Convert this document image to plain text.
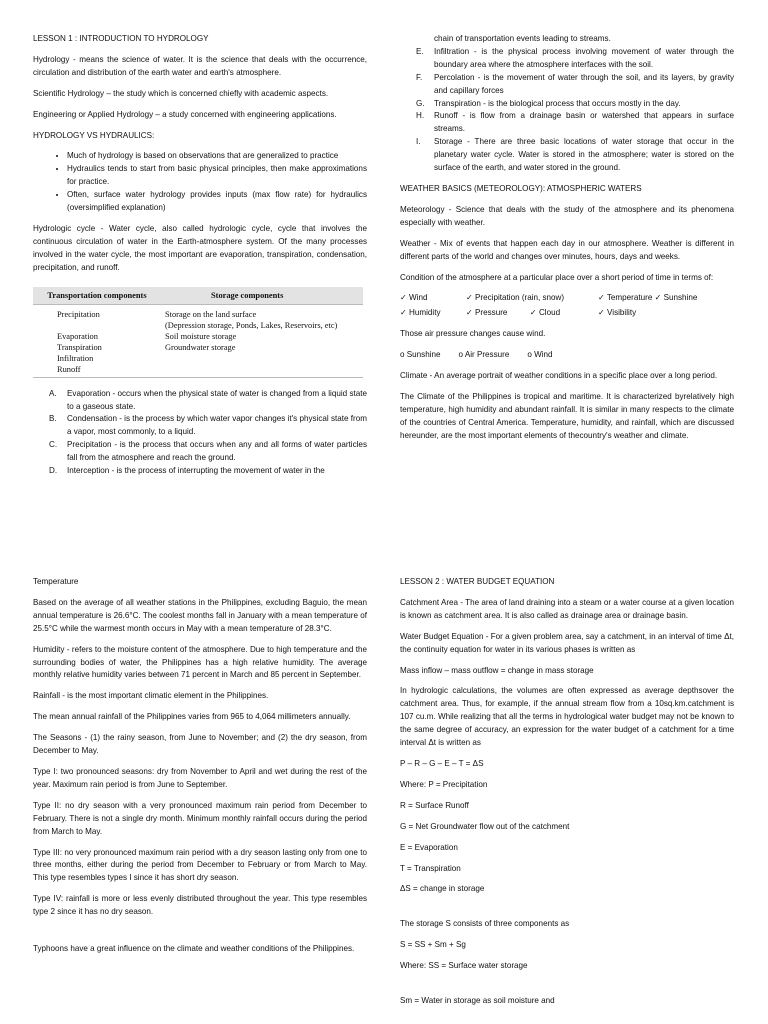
LESSON 1 : INTRODUCTION TO HYDROLOGY

Hydrology - means the science of water. It is the science that deals with the occurrence, circulation and distribution of the earth water and earth's atmosphere.

Scientific Hydrology – the study which is concerned chiefly with academic aspects.

Engineering or Applied Hydrology – a study concerned with engineering applications.

HYDROLOGY VS HYDRAULICS:

• Much of hydrology is based on observations that are generalized to practice
• Hydraulics tends to start from basic physical principles, then make approximations for practice.
• Often, surface water hydrology provides inputs (max flow rate) for hydraulics (oversimplified explanation)

Hydrologic cycle - Water cycle, also called hydrologic cycle, cycle that involves the continuous circulation of water in the Earth-atmosphere system. Of the many processes involved in the water cycle, the most important are evaporation, transpiration, condensation, precipitation, and runoff.

Transportation components	Storage components
Precipitation	Storage on the land surface
	(Depression storage, Ponds, Lakes, Reservoirs, etc)
Evaporation	Soil moisture storage
Transpiration	Groundwater storage
Infiltration	
Runoff	
A. Evaporation - occurs when the physical state of water is changed from a liquid state to a gaseous state.
B. Condensation - is the process by which water vapor changes it's physical state from a vapor, most commonly, to a liquid.
C. Precipitation - is the process that occurs when any and all forms of water particles fall from the atmosphere and reach the ground.
D. Interception - is the process of interrupting the movement of water in the
chain of transportation events leading to streams.
E. Infiltration - is the physical process involving movement of water through the boundary area where the atmosphere interfaces with the soil.
F. Percolation - is the movement of water through the soil, and its layers, by gravity and capillary forces
G. Transpiration - is the biological process that occurs mostly in the day.
H. Runoff - is flow from a drainage basin or watershed that appears in surface streams.
I. Storage - There are three basic locations of water storage that occur in the planetary water cycle. Water is stored in the atmosphere; water is stored on the surface of the earth, and water stored in the ground.

WEATHER BASICS (METEOROLOGY): ATMOSPHERIC WATERS

Meteorology - Science that deals with the study of the atmosphere and its phenomena especially with weather.

Weather - Mix of events that happen each day in our atmosphere. Weather is different in different parts of the world and changes over minutes, hours, days and weeks.

Condition of the atmosphere at a particular place over a short period of time in terms of:

✓ Wind	✓ Precipitation (rain, snow)	✓ Temperature ✓ Sunshine
✓ Humidity	✓ Pressure	✓ Cloud	✓ Visibility

Those air pressure changes cause wind.

o Sunshine o Air Pressure o Wind

Climate - An average portrait of weather conditions in a specific place over a long period.

The Climate of the Philippines is tropical and maritime. It is characterized byrelatively high temperature, high humidity and abundant rainfall. It is similar in many respects to the climate of the countries of Central America. Temperature, humidity, and rainfall, which are discussed hereunder, are the most important elements of thecountry's weather and climate.

Temperature

Based on the average of all weather stations in the Philippines, excluding Baguio, the mean annual temperature is 26.6°C. The coolest months fall in January with a mean temperature of 25.5°C while the warmest month occurs in May with a mean temperature of 28.3°C.

Humidity - refers to the moisture content of the atmosphere. Due to high temperature and the surrounding bodies of water, the Philippines has a high relative humidity. The average monthly relative humidity varies between 71 percent in March and 85 percent in September.

Rainfall - is the most important climatic element in the Philippines.

The mean annual rainfall of the Philippines varies from 965 to 4,064 millimeters annually.

The Seasons - (1) the rainy season, from June to November; and (2) the dry season, from December to May.

Type I: two pronounced seasons: dry from November to April and wet during the rest of the year. Maximum rain period is from June to September.

Type II: no dry season with a very pronounced maximum rain period from December to February. There is not a single dry month. Minimum monthly rainfall occurs during the period from March to May.

Type III: no very pronounced maximum rain period with a dry season lasting only from one to three months, either during the period from December to February or from March to May. This type resembles types I since it has short dry season.

Type IV: rainfall is more or less evenly distributed throughout the year. This type resembles type 2 since it has no dry season.

Typhoons have a great influence on the climate and weather conditions of the Philippines.

LESSON 2 : WATER BUDGET EQUATION

Catchment Area - The area of land draining into a steam or a water course at a given location is known as catchment area. It is also called as drainage area or drainage basin.

Water Budget Equation - For a given problem area, say a catchment, in an interval of time Δt, the continuity equation for water in its various phases is written as

Mass inflow – mass outflow = change in mass storage

In hydrologic calculations, the volumes are often expressed as average depthsover the catchment area. Thus, for example, if the annual stream flow from a 10sq.km.catchment is 107 cu.m. While realizing that all the terms in hydrological water budget may not be known to the same degree of accuracy, an expression for the water budget of a catchment for a time interval Δt is written as

P – R – G – E – T = ΔS

Where: P = Precipitation

R = Surface Runoff

G = Net Groundwater flow out of the catchment

E = Evaporation

T = Transpiration

ΔS = change in storage

The storage S consists of three components as

S = SS + Sm + Sg

Where: SS = Surface water storage

Sm = Water in storage as soil moisture and
